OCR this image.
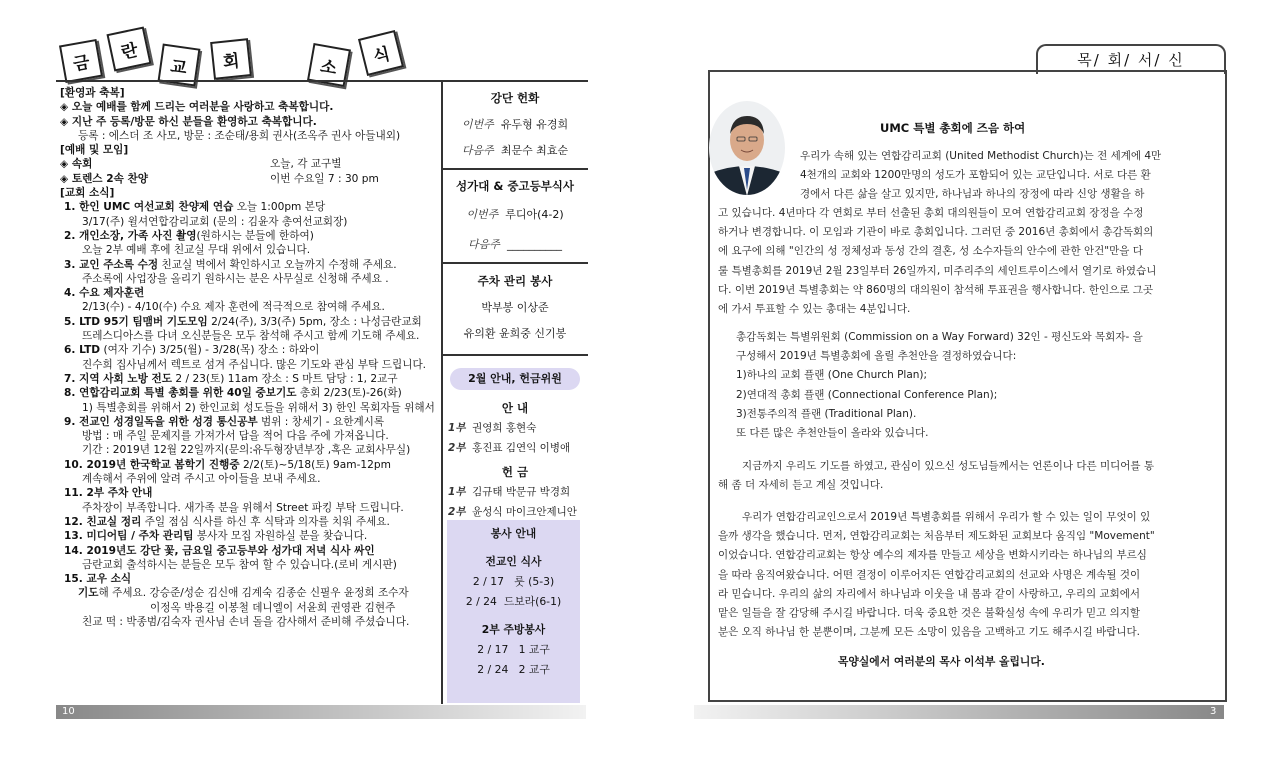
금
란
교	회	소
식
[환영과 축복]
◈ 오늘 예배를 함께 드리는 여러분을 사랑하고 축복합니다.
◈ 지난 주 등록/방문 하신 분들을 환영하고 축복합니다.
등록 : 에스더 조 사모, 방문 : 조순태/용희 권사(조옥주 권사 아들내외)
[예배 및 모임]
◈ 속회	오늘, 각 교구별
◈ 토렌스 2속 찬양	이번 수요일 7 : 30 pm
[교회 소식]
1. 한인 UMC 여선교회 찬양제 연습 오늘 1:00pm 본당
3/17(주) 윌셔연합감리교회 (문의 : 김윤자 총여선교회장)
2. 개인소장, 가족 사진 촬영(원하시는 분들에 한하여)
오늘 2부 예배 후에 친교실 무대 위에서 있습니다.
3. 교인 주소록 수정 친교실 벽에서 확인하시고 오늘까지 수정해 주세요.
주소록에 사업장을 올리기 원하시는 분은 사무실로 신청해 주세요 .
4. 수요 제자훈련
2/13(수) - 4/10(수) 수요 제자 훈련에 적극적으로 참여해 주세요.
5. LTD 95기 팀맴버 기도모임 2/24(주), 3/3(주) 5pm, 장소 : 나성금란교회
뜨레스디아스를 다녀 오신분들은 모두 참석해 주시고 함께 기도해 주세요.
6. LTD (여자 기수) 3/25(월) - 3/28(목) 장소 : 하와이
진수희 집사님께서 렉트로 섬겨 주십니다. 많은 기도와 관심 부탁 드립니다.
7. 지역 사회 노방 전도 2 / 23(토) 11am 장소 : S 마트 담당 : 1, 2교구
8. 연합감리교회 특별 총회를 위한 40일 중보기도 총회 2/23(토)-26(화)
1) 특별총회를 위해서 2) 한인교회 성도들을 위해서 3) 한인 목회자들 위해서
9. 전교인 성경일독을 위한 성경 통신공부 범위 : 창세기 - 요한계시록
방법 : 매 주일 문제지를 가져가서 답을 적어 다음 주에 가져옵니다.
기간 : 2019년 12월 22일까지(문의:유두형장년부장 ,혹은 교회사무실)
10. 2019년 한국학교 봄학기 진행중 2/2(토)~5/18(토) 9am-12pm
계속해서 주위에 알려 주시고 아이들을 보내 주세요.
11. 2부 주차 안내
주차장이 부족합니다. 새가족 분을 위해서 Street 파킹 부탁 드립니다.
12. 친교실 정리 주일 점심 식사를 하신 후 식탁과 의자를 치워 주세요.
13. 미디어팀 / 주차 관리팀 봉사자 모집 자원하실 분을 찾습니다.
14. 2019년도 강단 꽃, 금요일 중고등부와 성가대 저녁 식사 싸인
금란교회 출석하시는 분들은 모두 참여 할 수 있습니다.(로비 게시판)
15. 교우 소식
기도해 주세요. 강승준/성순 김신애 김계숙 김종순 신필우 윤정희 조수자
이정옥 박용길 이봉철 데니엘이 서윤희 권영관 김현주
친교 떡 : 박종범/김숙자 권사님 손녀 돌을 감사해서 준비해 주셨습니다.
강단 헌화
이번주 유두형 유경희
다음주 최문수 최효순
성가대 & 중고등부식사
이번주 루디아(4-2)
다음주 __________
주차 관리 봉사
박부봉 이상준
유의환 윤희중 신기봉
2월 안내, 헌금위원
안 내
1부 권영희 홍현숙
2부 홍진표 김연익 이병애
헌 금
1부 김규태 박문규 박경희
2부 윤성식 마이크안제니안
봉사 안내
전교인 식사
2 / 17 룻 (5-3)
2 / 24 드보라(6-1)
2부 주방봉사
2 / 17 1 교구
2 / 24 2 교구
10
목/ 회/ 서/ 신
UMC 특별 총회에 즈음 하여
우리가 속해 있는 연합감리교회 (United Methodist Church)는 전 세계에 4만
4천개의 교회와 1200만명의 성도가 포함되어 있는 교단입니다. 서로 다른 환
경에서 다른 삶을 살고 있지만, 하나님과 하나의 장정에 따라 신앙 생활을 하
고 있습니다. 4년마다 각 연회로 부터 선출된 총회 대의원들이 모여 연합감리교회 장정을 수정
하거나 변경합니다. 이 모임과 기관이 바로 총회입니다. 그러던 중 2016년 총회에서 총감독회의
에 요구에 의해 "인간의 성 정체성과 동성 간의 결혼, 성 소수자들의 안수에 관한 안건"만을 다
룰 특별총회를 2019년 2월 23일부터 26일까지, 미주리주의 세인트루이스에서 열기로 하였습니
다. 이번 2019년 특별총회는 약 860명의 대의원이 참석해 투표권을 행사합니다. 한인으로 그곳
에 가서 투표할 수 있는 총대는 4분입니다.
총감독회는 특별위원회 (Commission on a Way Forward) 32인 - 평신도와 목회자- 을
구성해서 2019년 특별총회에 올릴 추천안을 결정하였습니다:
1)하나의 교회 플랜 (One Church Plan);
2)연대적 총회 플랜 (Connectional Conference Plan);
3)전통주의적 플랜 (Traditional Plan).
또 다른 많은 추천안들이 올라와 있습니다.
지금까지 우리도 기도를 하였고, 관심이 있으신 성도님들께서는 언론이나 다른 미디어를 통
해 좀 더 자세히 듣고 계실 것입니다.
우리가 연합감리교인으로서 2019년 특별총회를 위해서 우리가 할 수 있는 일이 무엇이 있
을까 생각을 했습니다. 먼저, 연합감리교회는 처음부터 제도화된 교회보다 움직임 "Movement"
이었습니다. 연합감리교회는 항상 예수의 제자를 만들고 세상을 변화시키라는 하나님의 부르심
을 따라 움직여왔습니다. 어떤 결정이 이루어지든 연합감리교회의 선교와 사명은 계속될 것이
라 믿습니다. 우리의 삶의 자리에서 하나님과 이웃을 내 몸과 같이 사랑하고, 우리의 교회에서
맡은 일들을 잘 감당해 주시길 바랍니다. 더욱 중요한 것은 불확실성 속에 우리가 믿고 의지할
분은 오직 하나님 한 분뿐이며, 그분께 모든 소망이 있음을 고백하고 기도 해주시길 바랍니다.
목양실에서 여러분의 목사 이석부 올립니다.
3
